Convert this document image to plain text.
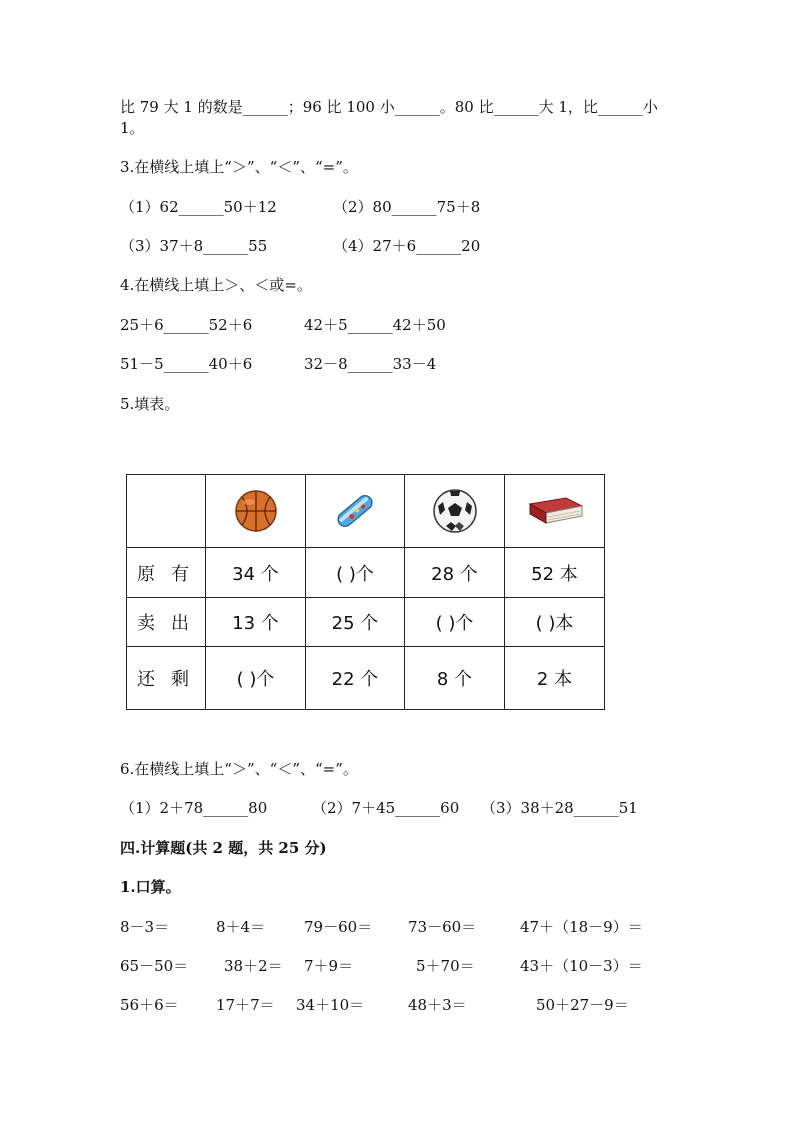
比 79 大 1 的数是______；96 比 100 小______。80 比______大 1，比______小
1。
3.在横线上填上“＞”、“＜”、“=”。
（1）62______50＋12	（2）80______75＋8
（3）37＋8______55	（4）27＋6______20
4.在横线上填上＞、＜或=。
25＋6______52＋6	42＋5______42＋50
51－5______40＋6	32－8______33－4
5.填表。

原有	34 个	( )个	28 个	52 本
卖出	13 个	25 个	( )个	( )本
还剩	( )个	22 个	8 个	2 本
6.在横线上填上“＞”、“＜”、“=”。
（1）2＋78______80	（2）7＋45______60 （3）38＋28______51
四.计算题(共 2 题，共 25 分)
1.口算。
8－3＝	8＋4＝	79－60＝ 73－60＝	47＋（18－9）＝
65－50＝ 38＋2＝ 7＋9＝	5＋70＝	43＋（10－3）＝
56＋6＝ 17＋7＝ 34＋10＝	48＋3＝	50＋27－9＝
